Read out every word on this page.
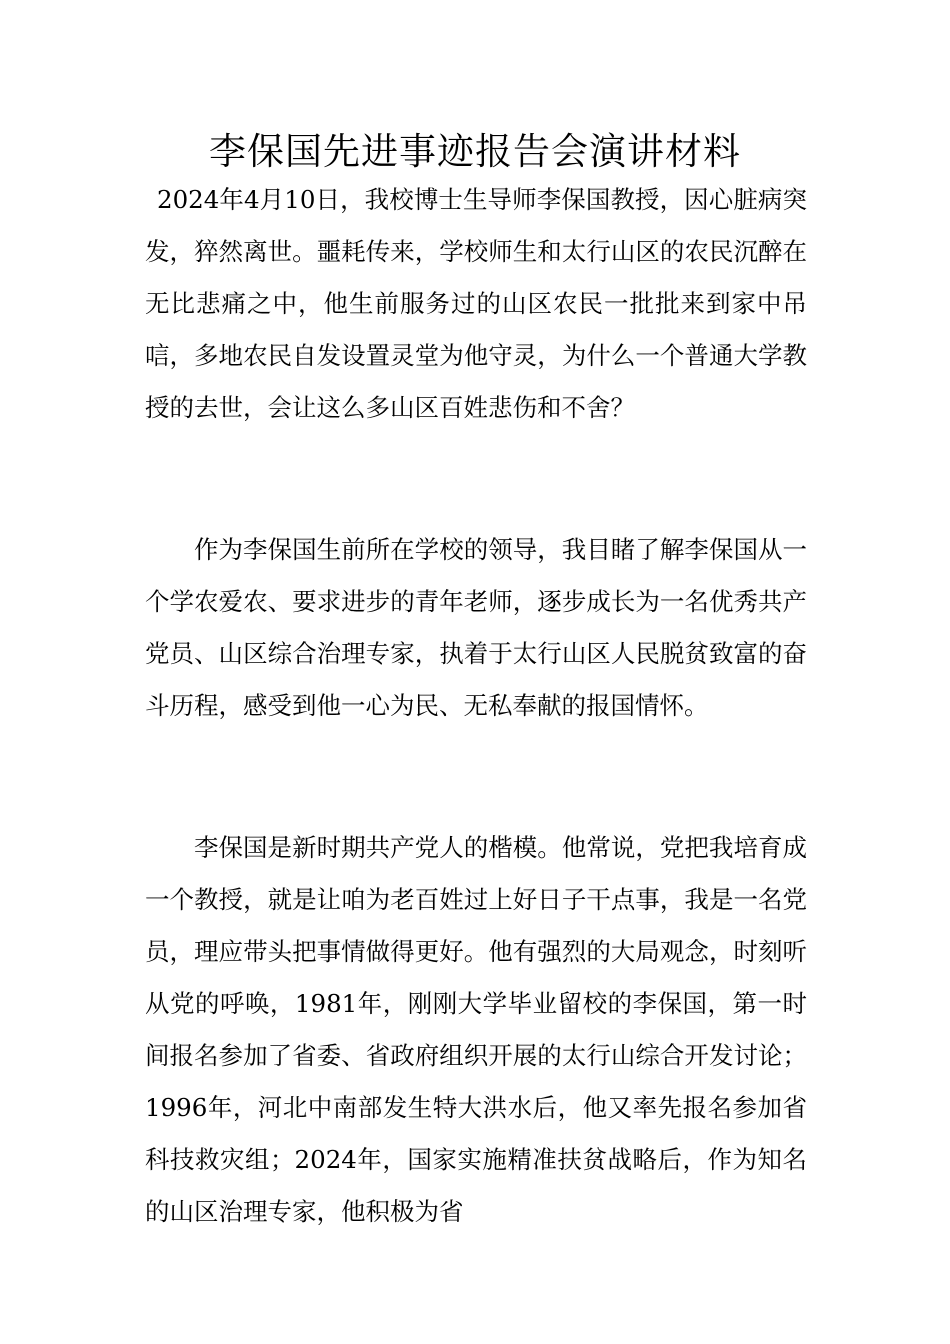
李保国先进事迹报告会演讲材料

2024年4月10日，我校博士生导师李保国教授，因心脏病突发，猝然离世。噩耗传来，学校师生和太行山区的农民沉醉在无比悲痛之中，他生前服务过的山区农民一批批来到家中吊唁，多地农民自发设置灵堂为他守灵，为什么一个普通大学教授的去世，会让这么多山区百姓悲伤和不舍？

作为李保国生前所在学校的领导，我目睹了解李保国从一个学农爱农、要求进步的青年老师，逐步成长为一名优秀共产党员、山区综合治理专家，执着于太行山区人民脱贫致富的奋斗历程，感受到他一心为民、无私奉献的报国情怀。

李保国是新时期共产党人的楷模。他常说，党把我培育成一个教授，就是让咱为老百姓过上好日子干点事，我是一名党员，理应带头把事情做得更好。他有强烈的大局观念，时刻听从党的呼唤，1981年，刚刚大学毕业留校的李保国，第一时间报名参加了省委、省政府组织开展的太行山综合开发讨论；1996年，河北中南部发生特大洪水后，他又率先报名参加省科技救灾组；2024年，国家实施精准扶贫战略后，作为知名的山区治理专家，他积极为省
